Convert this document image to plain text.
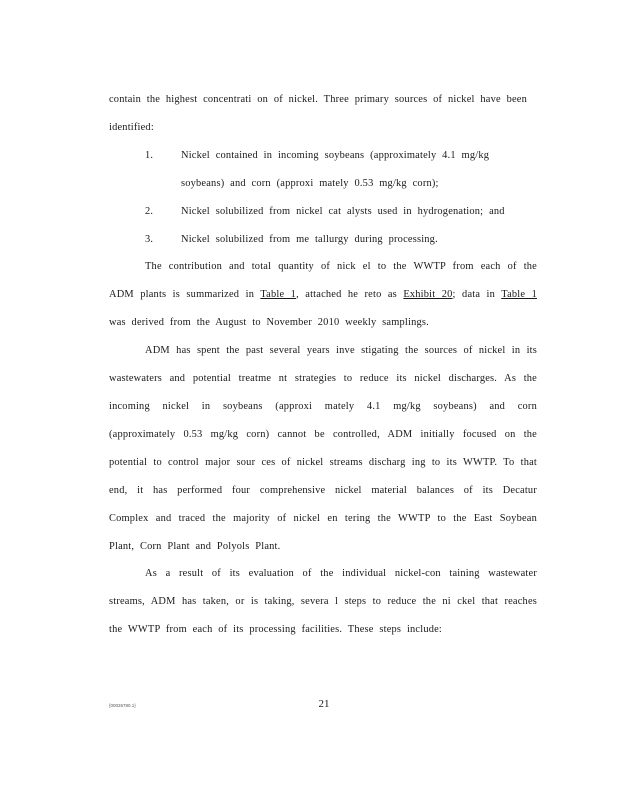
contain the highest concentrati on of nickel. Three primary sources of nickel have been
identified:

1.	Nickel contained in incoming soybeans (approximately 4.1 mg/kg
soybeans) and corn (approxi mately 0.53 mg/kg corn);
2.	Nickel solubilized from nickel cat alysts used in hydrogenation; and
3.	Nickel solubilized from me tallurgy during processing.

The contribution and total quantity of nick el to the WWTP from each of the ADM plants is summarized in Table 1, attached he reto as Exhibit 20; data in Table 1 was derived from the August to November 2010 weekly samplings.

ADM has spent the past several years inve stigating the sources of nickel in its wastewaters and potential treatme nt strategies to reduce its nickel discharges. As the incoming nickel in soybeans (approxi mately 4.1 mg/kg soybeans) and corn (approximately 0.53 mg/kg corn) cannot be controlled, ADM initially focused on the potential to control major sour ces of nickel streams discharg ing to its WWTP. To that end, it has performed four comprehensive nickel material balances of its Decatur Complex and traced the majority of nickel en tering the WWTP to the East Soybean Plant, Corn Plant and Polyols Plant.

As a result of its evaluation of the individual nickel-con taining wastewater streams, ADM has taken, or is taking, severa l steps to reduce the ni ckel that reaches the WWTP from each of its processing facilities. These steps include:

{00026780.1}	21
